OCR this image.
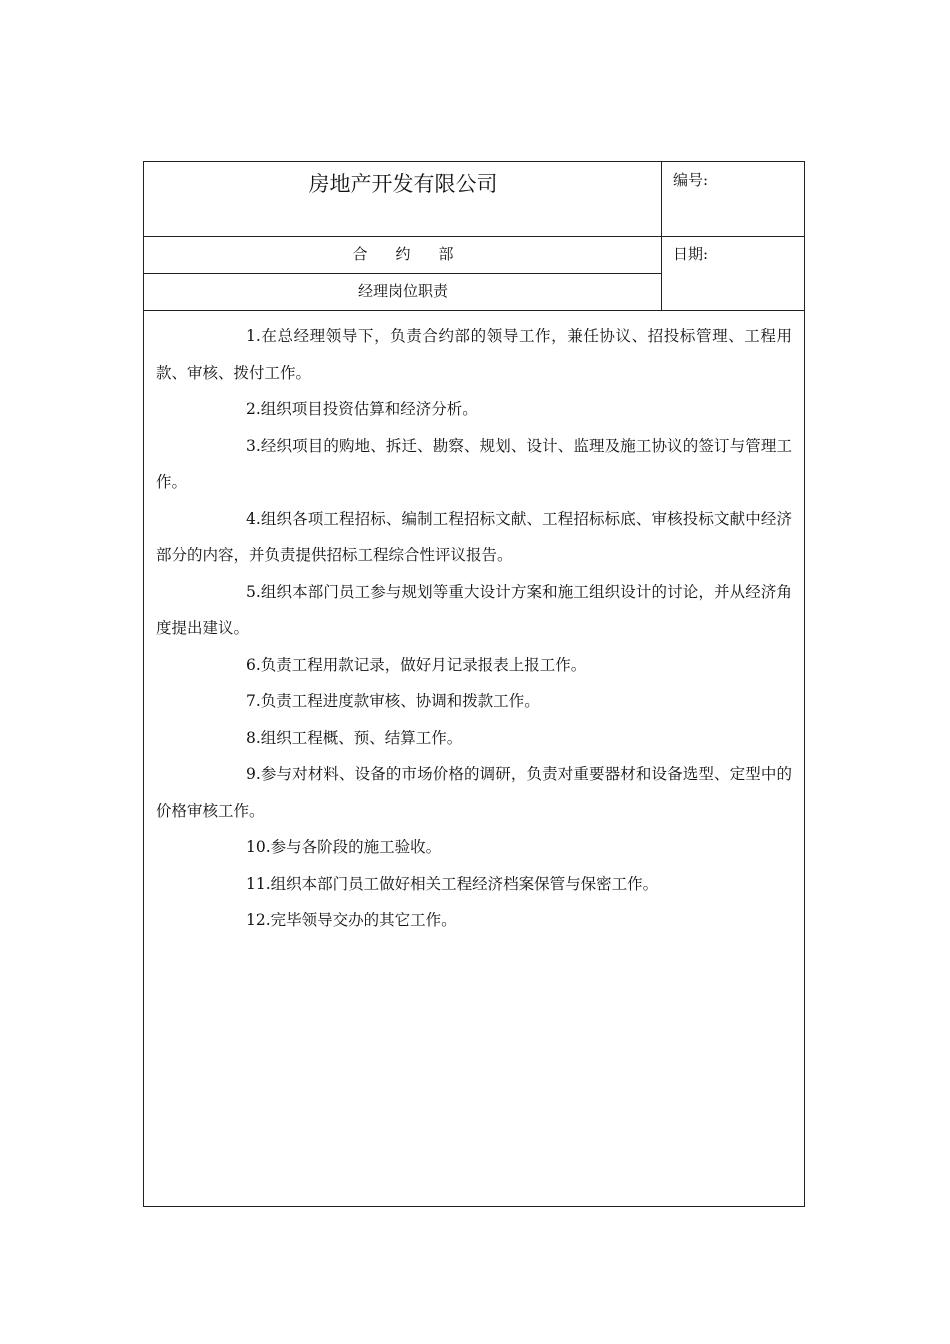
房地产开发有限公司
合约部
经理岗位职责
编号:
日期:

1.在总经理领导下，负责合约部的领导工作，兼任协议、招投标管理、工程用款、审核、拨付工作。

2.组织项目投资估算和经济分析。

3.经织项目的购地、拆迁、勘察、规划、设计、监理及施工协议的签订与管理工作。

4.组织各项工程招标、编制工程招标文献、工程招标标底、审核投标文献中经济部分的内容，并负责提供招标工程综合性评议报告。

5.组织本部门员工参与规划等重大设计方案和施工组织设计的讨论，并从经济角度提出建议。

6.负责工程用款记录，做好月记录报表上报工作。

7.负责工程进度款审核、协调和拨款工作。

8.组织工程概、预、结算工作。

9.参与对材料、设备的市场价格的调研，负责对重要器材和设备选型、定型中的价格审核工作。

10.参与各阶段的施工验收。

11.组织本部门员工做好相关工程经济档案保管与保密工作。

12.完毕领导交办的其它工作。
